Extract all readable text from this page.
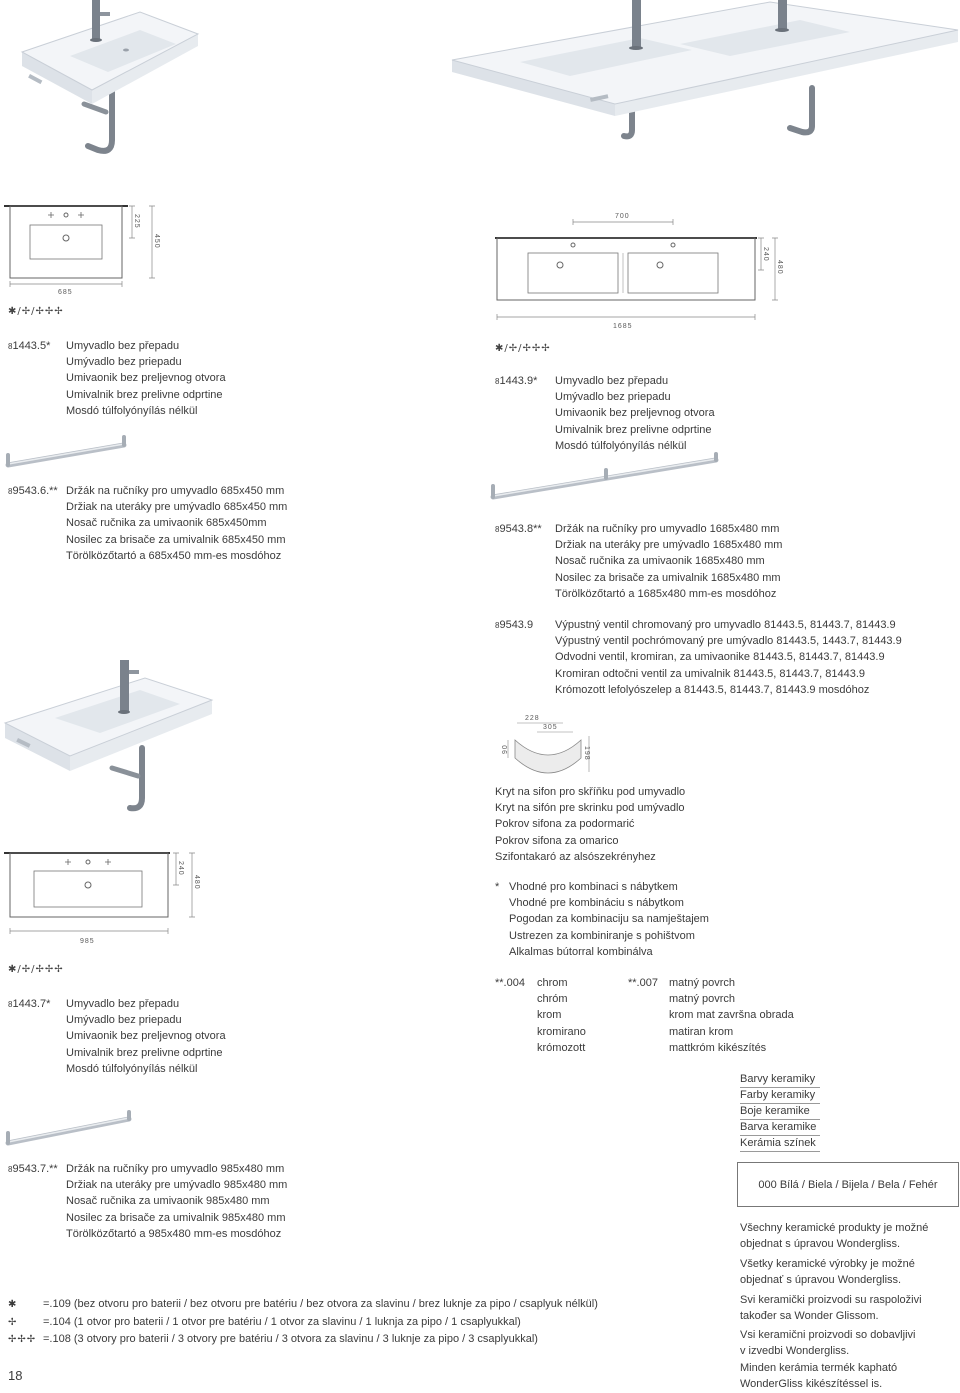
225
450
685
700
240
480
1685
240
480
985
228
305
90	198
✱/✢/✢✢✢
✱/✢/✢✢✢
✱/✢/✢✢✢
81443.5* Umyvadlo bez přepadu
Umývadlo bez priepadu
Umivaonik bez preljevnog otvora
Umivalnik brez prelivne odprtine
Mosdó túlfolyónyílás nélkül
81443.9* Umyvadlo bez přepadu
Umývadlo bez priepadu
Umivaonik bez preljevnog otvora
Umivalnik brez prelivne odprtine
Mosdó túlfolyónyílás nélkül
89543.6.** Držák na ručníky pro umyvadlo 685x450 mm
Držiak na uteráky pre umývadlo 685x450 mm
Nosač ručnika za umivaonik 685x450mm
Nosilec za brisače za umivalnik 685x450 mm
Törölközőtartó a 685x450 mm-es mosdóhoz
89543.8** Držák na ručníky pro umyvadlo 1685x480 mm
Držiak na uteráky pre umývadlo 1685x480 mm
Nosač ručnika za umivaonik 1685x480 mm
Nosilec za brisače za umivalnik 1685x480 mm
Törölközőtartó a 1685x480 mm-es mosdóhoz
89543.9 Výpustný ventil chromovaný pro umyvadlo 81443.5, 81443.7, 81443.9
Výpustný ventil pochrómovaný pre umývadlo 81443.5, 1443.7, 81443.9
Odvodni ventil, kromiran, za umivaonike 81443.5, 81443.7, 81443.9
Kromiran odtočni ventil za umivalnik 81443.5, 81443.7, 81443.9
Krómozott lefolyószelep a 81443.5, 81443.7, 81443.9 mosdóhoz
Kryt na sifon pro skříňku pod umyvadlo
Kryt na sifón pre skrinku pod umývadlo
Pokrov sifona za podormarić
Pokrov sifona za omarico
Szifontakaró az alsószekrényhez
* Vhodné pro kombinaci s nábytkem
Vhodné pre kombináciu s nábytkom
Pogodan za kombinaciju sa namještajem
Ustrezen za kombiniranje s pohištvom
Alkalmas bútorral kombinálva
**.004 chrom
chróm
krom
kromirano
krómozott
**.007 matný povrch
matný povrch
krom mat završna obrada
matiran krom
mattkróm kikészítés
81443.7* Umyvadlo bez přepadu
Umývadlo bez priepadu
Umivaonik bez preljevnog otvora
Umivalnik brez prelivne odprtine
Mosdó túlfolyónyílás nélkül
89543.7.** Držák na ručníky pro umyvadlo 985x480 mm
Držiak na uteráky pre umývadlo 985x480 mm
Nosač ručnika za umivaonik 985x480 mm
Nosilec za brisače za umivalnik 985x480 mm
Törölközőtartó a 985x480 mm-es mosdóhoz
Barvy keramiky
Farby keramiky
Boje keramike
Barva keramike
Kerámia színek
000 Bílá / Biela / Bijela / Bela / Fehér
Všechny keramické produkty je možné
objednat s úpravou Wondergliss.
Všetky keramické výrobky je možné
objednať s úpravou Wondergliss.
Svi keramički proizvodi su raspoloživi
također sa Wonder Glissom.
Vsi keramični proizvodi so dobavljivi
v izvedbi Wondergliss.
Minden kerámia termék kapható
WonderGliss kikészítéssel is.
✱ =.109 (bez otvoru pro baterii / bez otvoru pre batériu / bez otvora za slavinu / brez luknje za pipo / csaplyuk nélkül)
✢ =.104 (1 otvor pro baterii / 1 otvor pre batériu / 1 otvor za slavinu / 1 luknja za pipo / 1 csaplyukkal)
✢✢✢ =.108 (3 otvory pro baterii / 3 otvory pre batériu / 3 otvora za slavinu / 3 luknje za pipo / 3 csaplyukkal)
18
